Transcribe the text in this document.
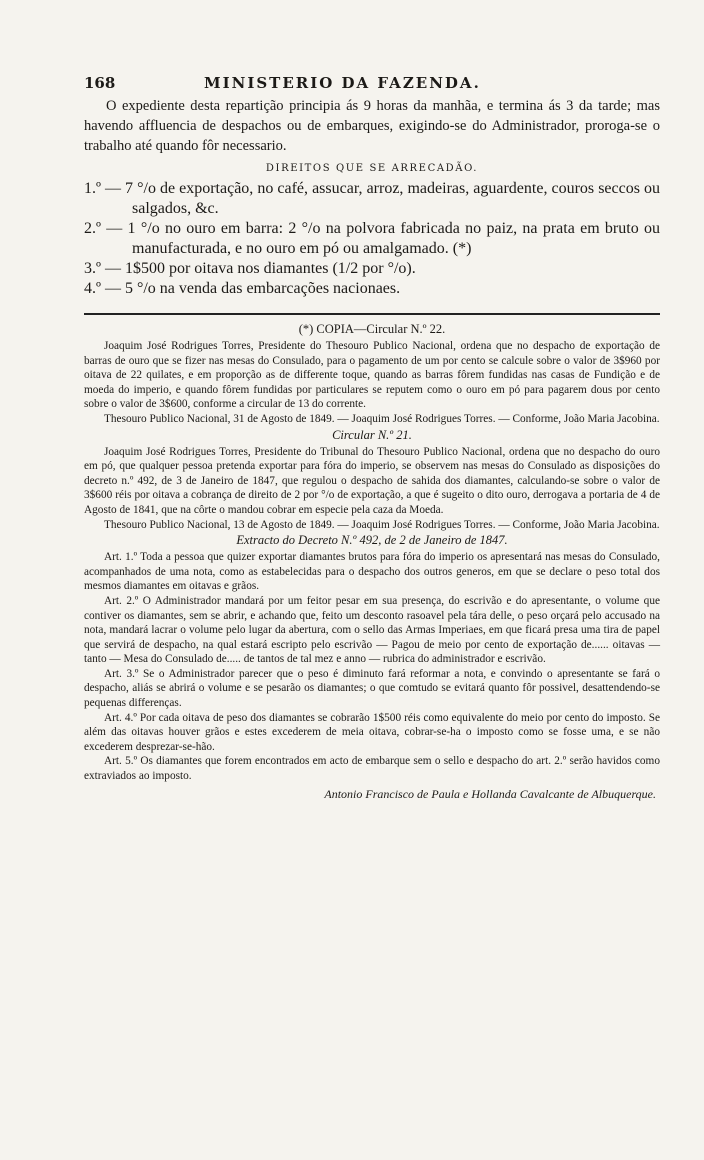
168	MINISTERIO DA FAZENDA.

O expediente desta repartição principia ás 9 horas da manhãa, e termina ás 3 da tarde; mas havendo affluencia de despachos ou de embarques, exigindo-se do Administrador, proroga-se o trabalho até quando fôr necessario.

DIREITOS QUE SE ARRECADÃO.

1.º — 7 °/o de exportação, no café, assucar, arroz, madeiras, aguardente, couros seccos ou salgados, &c.

2.º — 1 °/o no ouro em barra: 2 °/o na polvora fabricada no paiz, na prata em bruto ou manufacturada, e no ouro em pó ou amalgamado. (*)

3.º — 1$500 por oitava nos diamantes (1/2 por °/o).

4.º — 5 °/o na venda das embarcações nacionaes.

(*) COPIA—Circular N.º 22.

Joaquim José Rodrigues Torres, Presidente do Thesouro Publico Nacional, ordena que no despacho de exportação de barras de ouro que se fizer nas mesas do Consulado, para o pagamento de um por cento se calcule sobre o valor de 3$960 por oitava de 22 quilates, e em proporção as de differente toque, quando as barras fôrem fundidas nas casas de Fundição e de moeda do imperio, e quando fôrem fundidas por particulares se reputem como o ouro em pó para pagarem dous por cento sobre o valor de 3$600, conforme a circular de 13 do corrente.

Thesouro Publico Nacional, 31 de Agosto de 1849. — Joaquim José Rodrigues Torres. — Conforme, João Maria Jacobina.

Circular N.º 21.

Joaquim José Rodrigues Torres, Presidente do Tribunal do Thesouro Publico Nacional, ordena que no despacho do ouro em pó, que qualquer pessoa pretenda exportar para fóra do imperio, se observem nas mesas do Consulado as disposições do decreto n.º 492, de 3 de Janeiro de 1847, que regulou o despacho de sahida dos diamantes, calculando-se sobre o valor de 3$600 réis por oitava a cobrança de direito de 2 por °/o de exportação, a que é sugeito o dito ouro, derrogava a portaria de 4 de Agosto de 1841, que na côrte o mandou cobrar em especie pela caza da Moeda.

Thesouro Publico Nacional, 13 de Agosto de 1849. — Joaquim José Rodrigues Torres. — Conforme, João Maria Jacobina.

Extracto do Decreto N.º 492, de 2 de Janeiro de 1847.

Art. 1.º Toda a pessoa que quizer exportar diamantes brutos para fóra do imperio os apresentará nas mesas do Consulado, acompanhados de uma nota, como as estabelecidas para o despacho dos outros generos, em que se declare o peso total dos mesmos diamantes em oitavas e grãos.

Art. 2.º O Administrador mandará por um feitor pesar em sua presença, do escrivão e do apresentante, o volume que contiver os diamantes, sem se abrir, e achando que, feito um desconto rasoavel pela tára delle, o peso orçará pelo accusado na nota, mandará lacrar o volume pelo lugar da abertura, com o sello das Armas Imperiaes, em que ficará presa uma tira de papel que servirá de despacho, na qual estará escripto pelo escrivão — Pagou de meio por cento de exportação de...... oitavas — tanto — Mesa do Consulado de..... de tantos de tal mez e anno — rubrica do administrador e escrivão.

Art. 3.º Se o Administrador parecer que o peso é diminuto fará reformar a nota, e convindo o apresentante se fará o despacho, aliás se abrirá o volume e se pesarão os diamantes; o que comtudo se evitará quanto fôr possivel, desattendendo-se pequenas differenças.

Art. 4.º Por cada oitava de peso dos diamantes se cobrarão 1$500 réis como equivalente do meio por cento do imposto. Se além das oitavas houver grãos e estes excederem de meia oitava, cobrar-se-ha o imposto como se fosse uma, e se não excederem desprezar-se-hão.

Art. 5.º Os diamantes que forem encontrados em acto de embarque sem o sello e despacho do art. 2.º serão havidos como extraviados ao imposto.

Antonio Francisco de Paula e Hollanda Cavalcante de Albuquerque.
